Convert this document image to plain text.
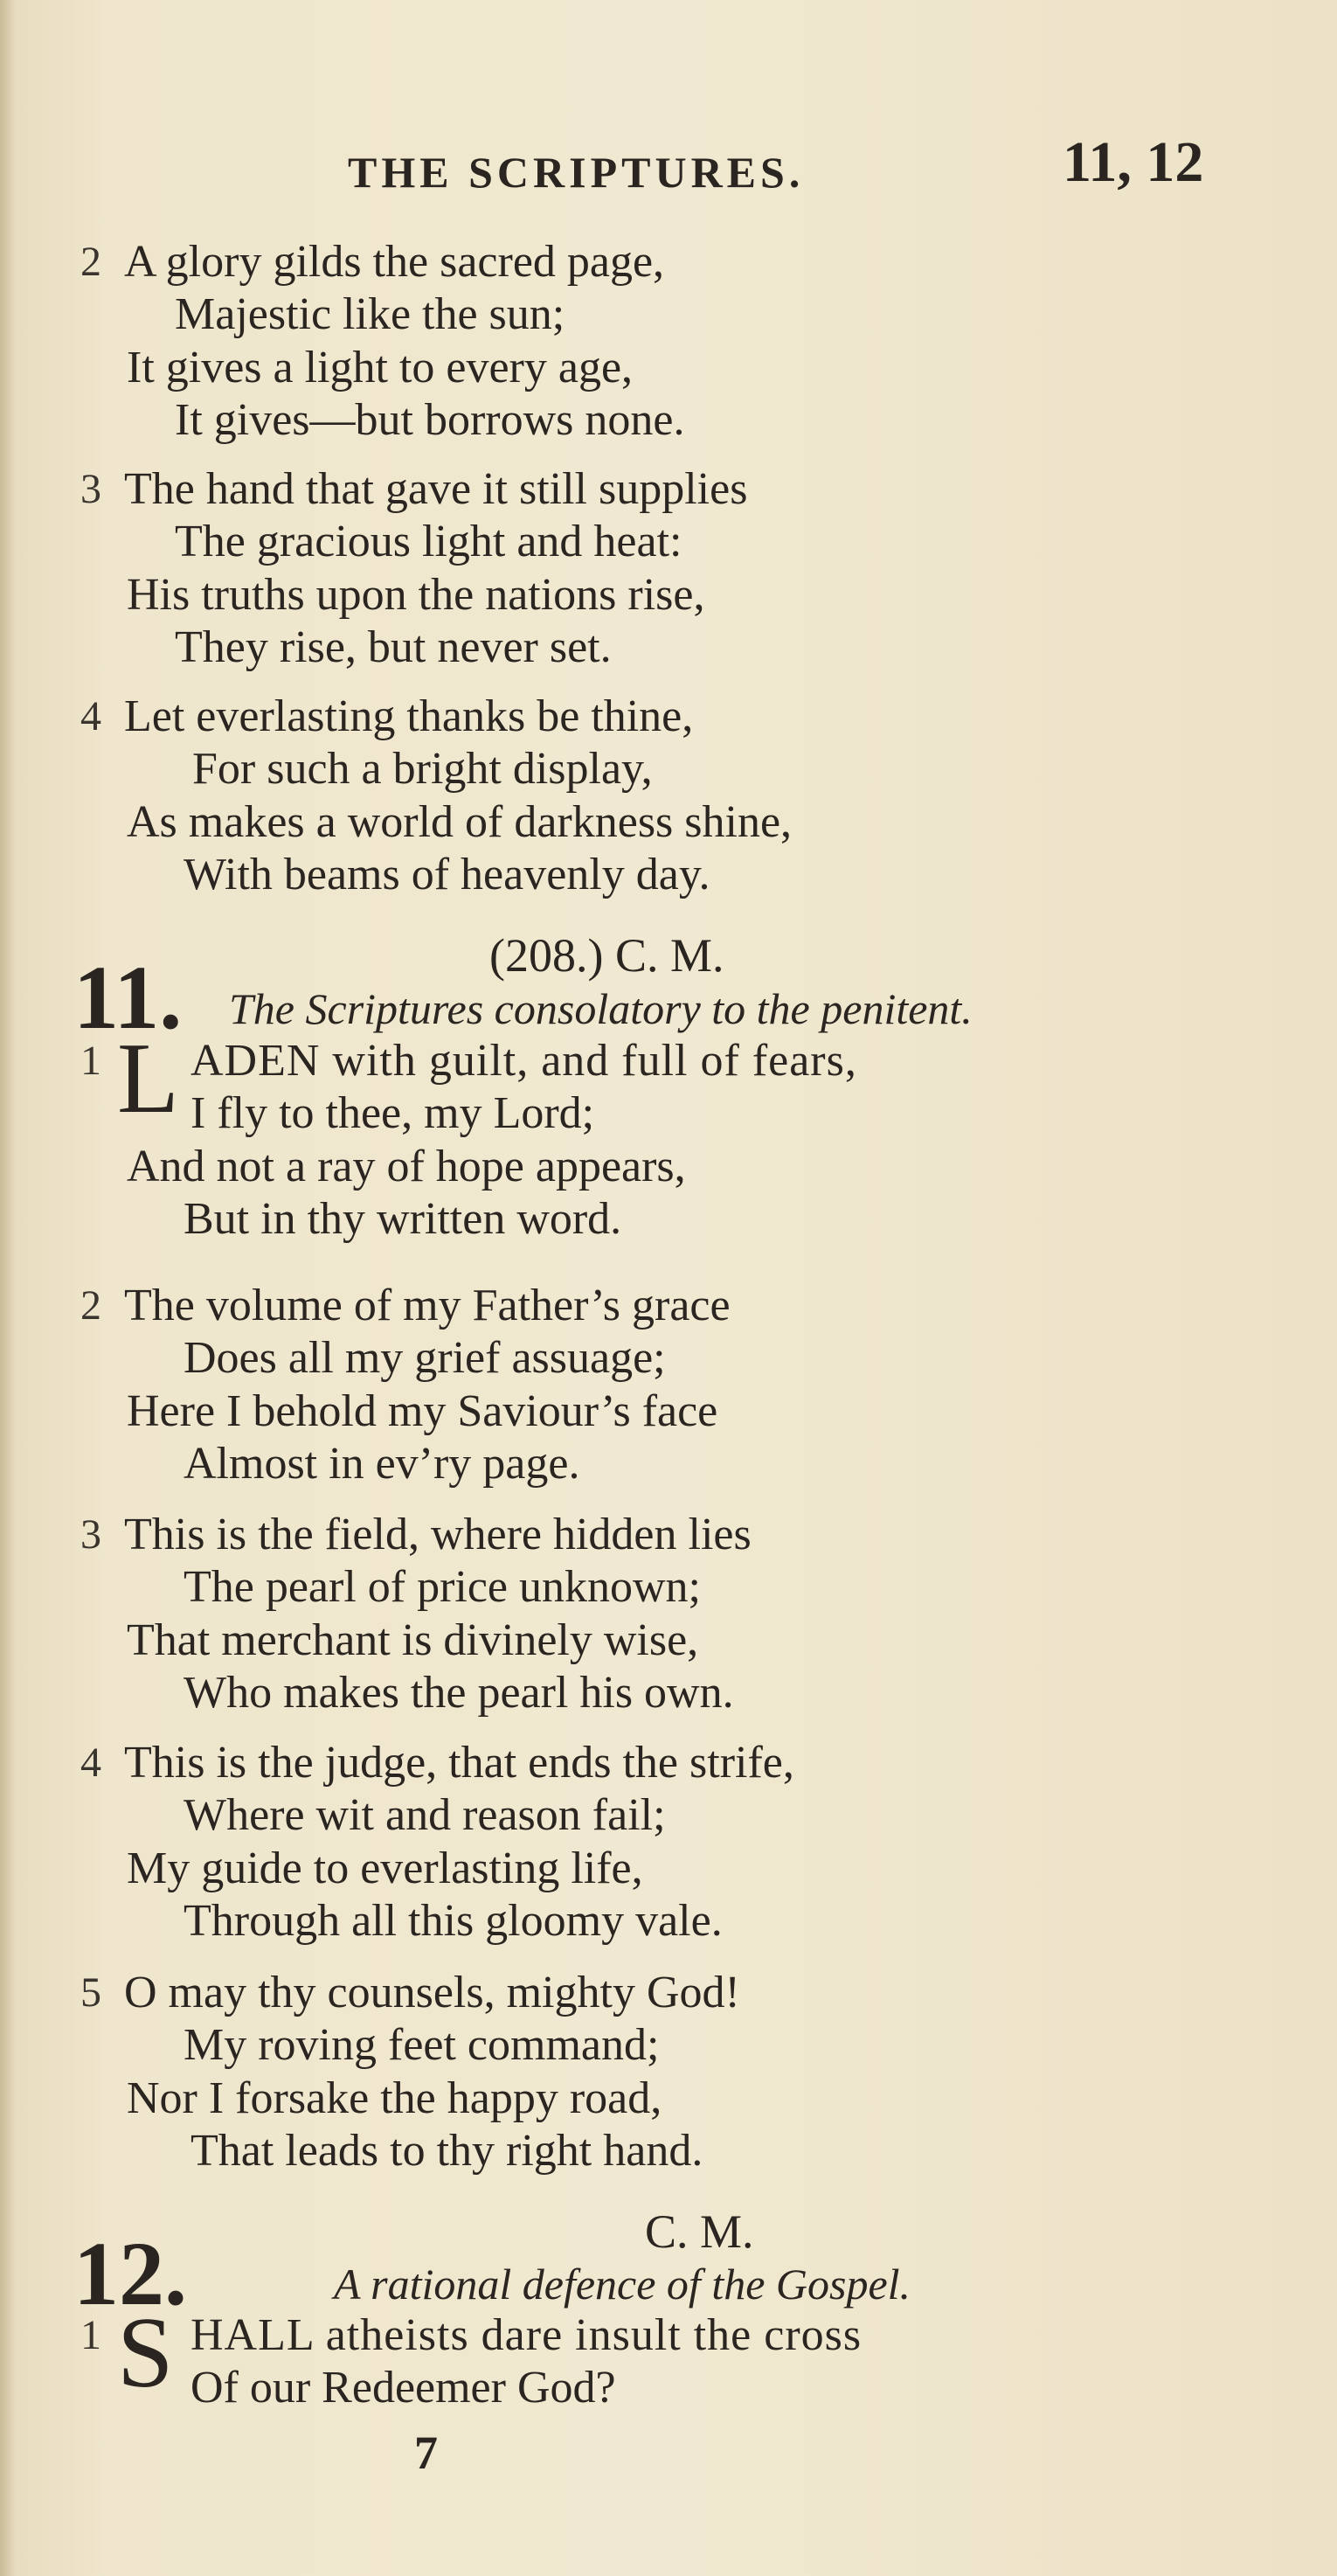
THE SCRIPTURES.	11, 12
2 A glory gilds the sacred page,
Majestic like the sun;
It gives a light to every age,
It gives—but borrows none.
3 The hand that gave it still supplies
The gracious light and heat:
His truths upon the nations rise,
They rise, but never set.
4 Let everlasting thanks be thine,
For such a bright display,
As makes a world of darkness shine,
With beams of heavenly day.
11.	(208.) C. M.
The Scriptures consolatory to the penitent.
1 L ADEN with guilt, and full of fears,
I fly to thee, my Lord;
And not a ray of hope appears,
But in thy written word.
2 The volume of my Father’s grace
Does all my grief assuage;
Here I behold my Saviour’s face
Almost in ev’ry page.
3 This is the field, where hidden lies
The pearl of price unknown;
That merchant is divinely wise,
Who makes the pearl his own.
4 This is the judge, that ends the strife,
Where wit and reason fail;
My guide to everlasting life,
Through all this gloomy vale.
5 O may thy counsels, mighty God!
My roving feet command;
Nor I forsake the happy road,
That leads to thy right hand.
12.	C. M.
A rational defence of the Gospel.
1 S HALL atheists dare insult the cross
Of our Redeemer God?
7
